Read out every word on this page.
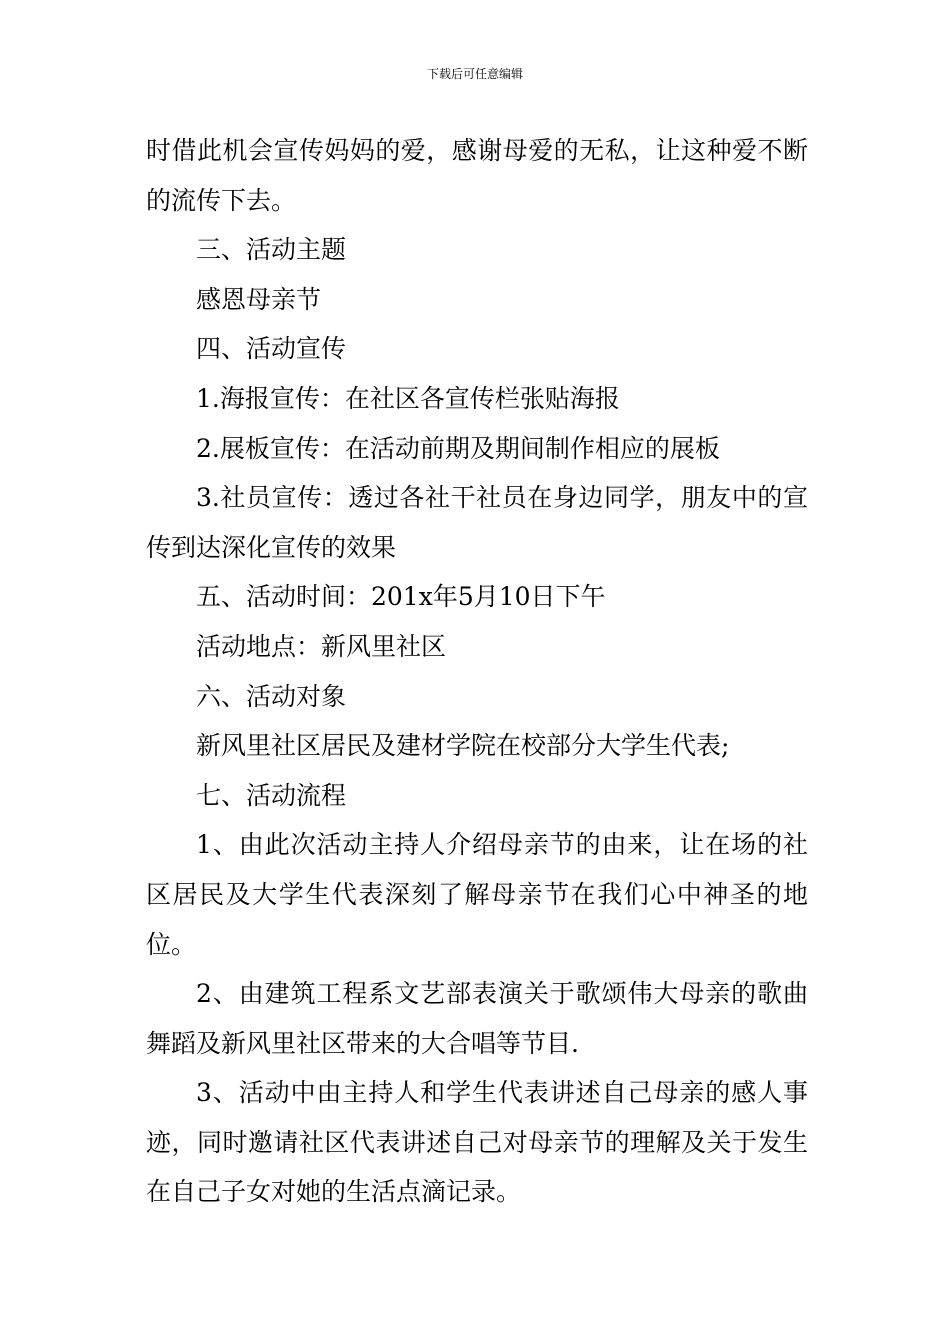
下载后可任意编辑

时借此机会宣传妈妈的爱，感谢母爱的无私，让这种爱不断的流传下去。

三、活动主题

感恩母亲节

四、活动宣传

1.海报宣传：在社区各宣传栏张贴海报

2.展板宣传：在活动前期及期间制作相应的展板

3.社员宣传：透过各社干社员在身边同学，朋友中的宣传到达深化宣传的效果

五、活动时间：201x年5月10日下午

活动地点：新风里社区

六、活动对象

新风里社区居民及建材学院在校部分大学生代表;

七、活动流程

1、由此次活动主持人介绍母亲节的由来，让在场的社区居民及大学生代表深刻了解母亲节在我们心中神圣的地位。

2、由建筑工程系文艺部表演关于歌颂伟大母亲的歌曲舞蹈及新风里社区带来的大合唱等节目.

3、活动中由主持人和学生代表讲述自己母亲的感人事迹，同时邀请社区代表讲述自己对母亲节的理解及关于发生在自己子女对她的生活点滴记录。
